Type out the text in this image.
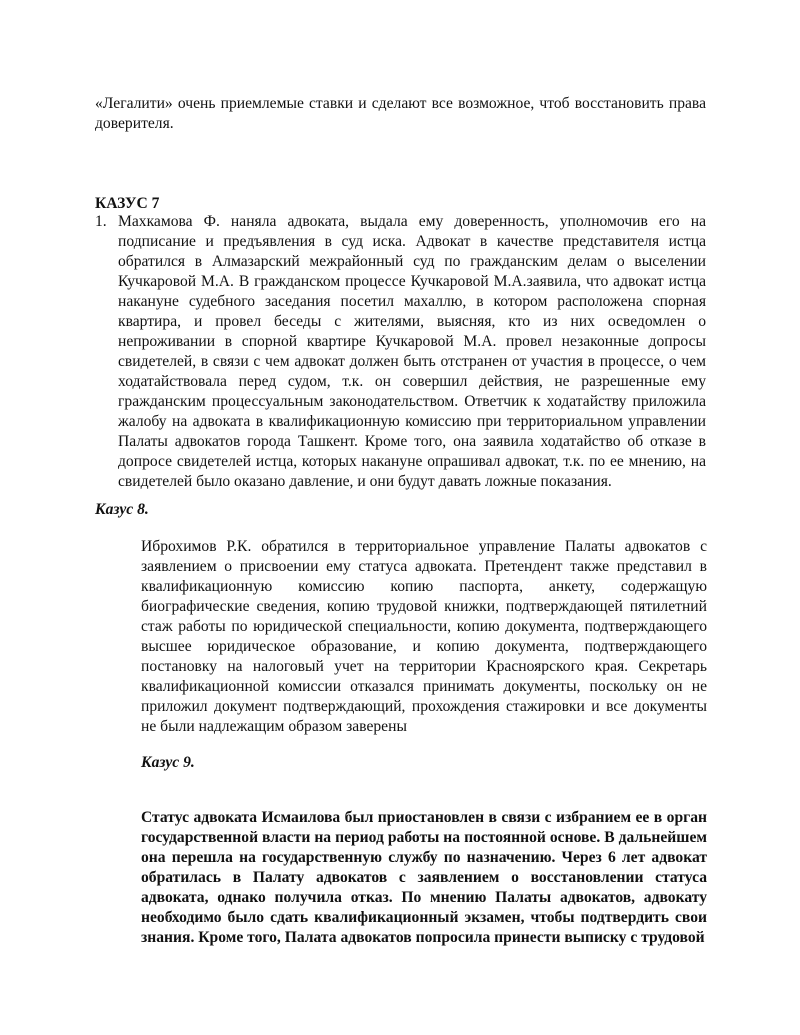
«Легалити» очень приемлемые ставки и сделают все возможное, чтоб восстановить права доверителя.
КАЗУС 7
1. Махкамова Ф. наняла адвоката, выдала ему доверенность, уполномочив его на подписание и предъявления в суд иска. Адвокат в качестве представителя истца обратился в Алмазарский межрайонный суд по гражданским делам о выселении Кучкаровой М.А. В гражданском процессе Кучкаровой М.А.заявила, что адвокат истца накануне судебного заседания посетил махаллю, в котором расположена спорная квартира, и провел беседы с жителями, выясняя, кто из них осведомлен о непроживании в спорной квартире Кучкаровой М.А. провел незаконные допросы свидетелей, в связи с чем адвокат должен быть отстранен от участия в процессе, о чем ходатайствовала перед судом, т.к. он совершил действия, не разрешенные ему гражданским процессуальным законодательством. Ответчик к ходатайству приложила жалобу на адвоката в квалификационную комиссию при территориальном управлении Палаты адвокатов города Ташкент. Кроме того, она заявила ходатайство об отказе в допросе свидетелей истца, которых накануне опрашивал адвокат, т.к. по ее мнению, на свидетелей было оказано давление, и они будут давать ложные показания.
Казус 8.
Иброхимов Р.К. обратился в территориальное управление Палаты адвокатов с заявлением о присвоении ему статуса адвоката. Претендент также представил в квалификационную комиссию копию паспорта, анкету, содержащую биографические сведения, копию трудовой книжки, подтверждающей пятилетний стаж работы по юридической специальности, копию документа, подтверждающего высшее юридическое образование, и копию документа, подтверждающего постановку на налоговый учет на территории Красноярского края. Секретарь квалификационной комиссии отказался принимать документы, поскольку он не приложил документ подтверждающий, прохождения стажировки и все документы не были надлежащим образом заверены
Казус 9.
Статус адвоката Исмаилова был приостановлен в связи с избранием ее в орган государственной власти на период работы на постоянной основе. В дальнейшем она перешла на государственную службу по назначению. Через 6 лет адвокат обратилась в Палату адвокатов с заявлением о восстановлении статуса адвоката, однако получила отказ. По мнению Палаты адвокатов, адвокату необходимо было сдать квалификационный экзамен, чтобы подтвердить свои знания. Кроме того, Палата адвокатов попросила принести выписку с трудовой
